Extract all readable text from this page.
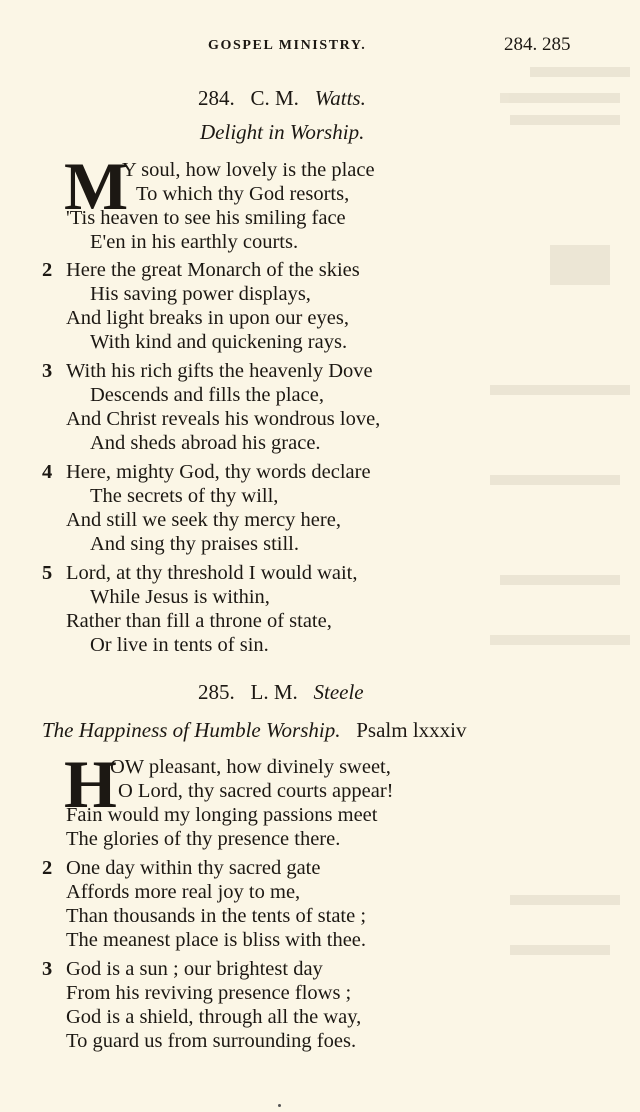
GOSPEL MINISTRY.	284. 285
284. C. M. Watts.
Delight in Worship.
M
Y soul, how lovely is the place
To which thy God resorts,
'Tis heaven to see his smiling face
E'en in his earthly courts.
2 Here the great Monarch of the skies
His saving power displays,
And light breaks in upon our eyes,
With kind and quickening rays.
3 With his rich gifts the heavenly Dove
Descends and fills the place,
And Christ reveals his wondrous love,
And sheds abroad his grace.
4 Here, mighty God, thy words declare
The secrets of thy will,
And still we seek thy mercy here,
And sing thy praises still.
5 Lord, at thy threshold I would wait,
While Jesus is within,
Rather than fill a throne of state,
Or live in tents of sin.
285. L. M. Steele
The Happiness of Humble Worship. Psalm lxxxiv
H
OW pleasant, how divinely sweet,
O Lord, thy sacred courts appear!
Fain would my longing passions meet
The glories of thy presence there.
2 One day within thy sacred gate
Affords more real joy to me,
Than thousands in the tents of state ;
The meanest place is bliss with thee.
3 God is a sun ; our brightest day
From his reviving presence flows ;
God is a shield, through all the way,
To guard us from surrounding foes.
